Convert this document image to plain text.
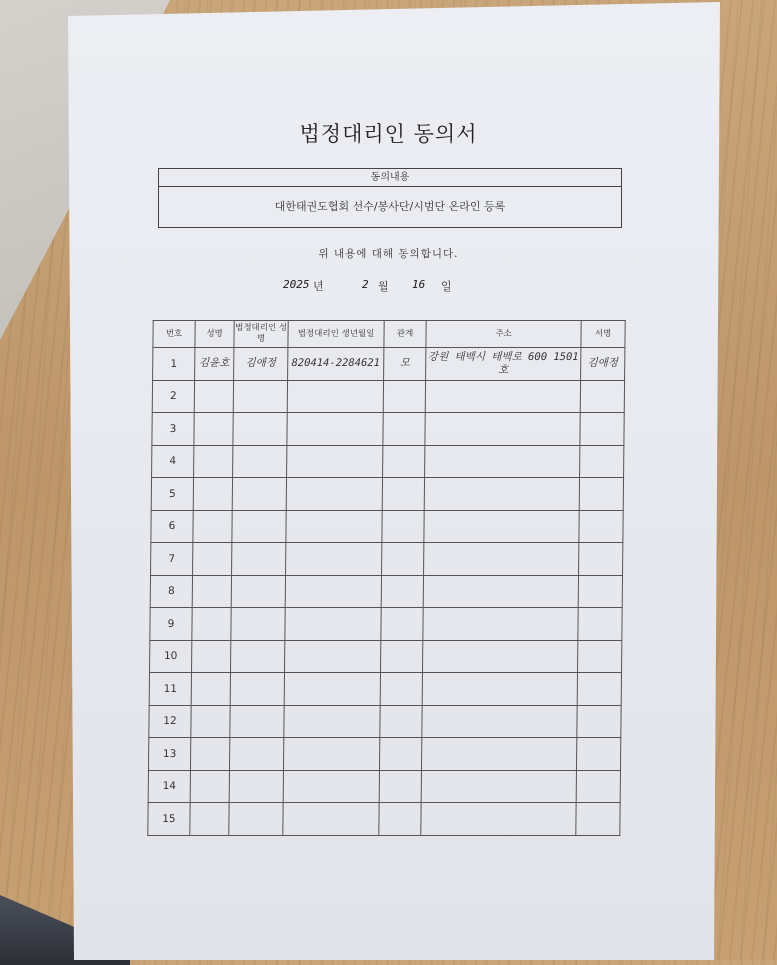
법정대리인 동의서
동의내용
대한태권도협회 선수/봉사단/시범단 온라인 등록
위 내용에 대해 동의합니다.
2025 년	2 월 16 일
번호	성명	법정대리인 성명	법정대리인 생년월일	관계	주소	서명
1	김윤호	김애정	820414-2284621	모	강원 태백시 태백로 600 1501호	김애정
2						
3						
4						
5						
6						
7						
8						
9						
10						
11						
12						
13						
14						
15						
